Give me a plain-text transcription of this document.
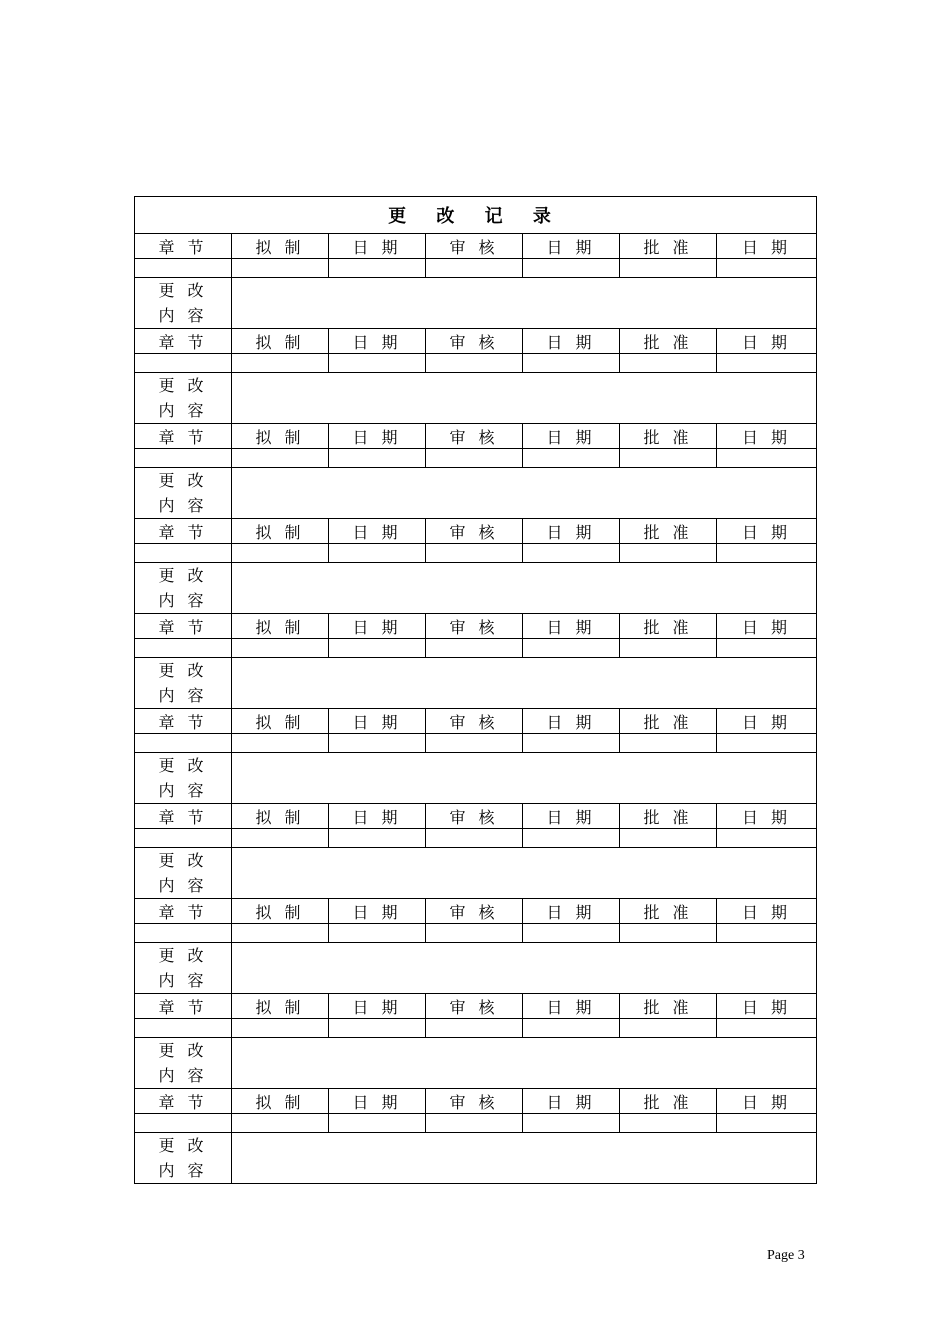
更 改 记 录						
章 节	拟 制	日 期	审 核	日 期	批 准	日 期

更 改
内 容						

章 节	拟 制	日 期	审 核	日 期	批 准	日 期

更 改
内 容						

章 节	拟 制	日 期	审 核	日 期	批 准	日 期

更 改
内 容						

章 节	拟 制	日 期	审 核	日 期	批 准	日 期

更 改
内 容						

章 节	拟 制	日 期	审 核	日 期	批 准	日 期

更 改
内 容						

章 节	拟 制	日 期	审 核	日 期	批 准	日 期

更 改
内 容						

章 节	拟 制	日 期	审 核	日 期	批 准	日 期

更 改
内 容						

章 节	拟 制	日 期	审 核	日 期	批 准	日 期

更 改
内 容						

章 节	拟 制	日 期	审 核	日 期	批 准	日 期

更 改
内 容						

章 节	拟 制	日 期	审 核	日 期	批 准	日 期

更 改
内 容						

Page 3
